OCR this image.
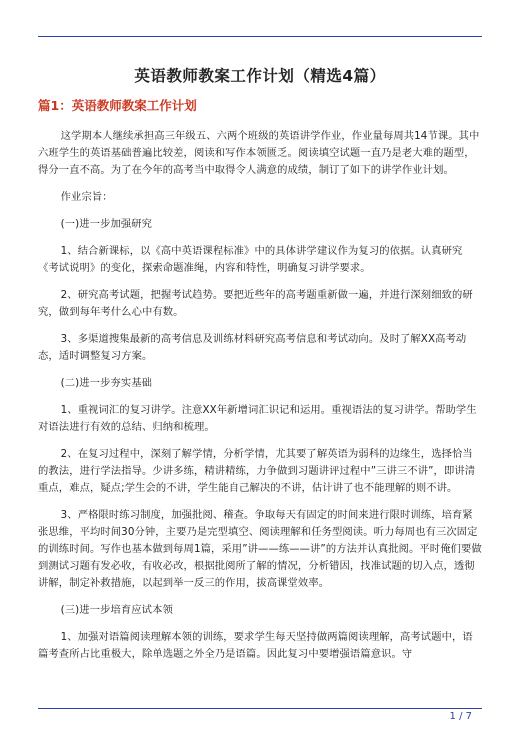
英语教师教案工作计划（精选4篇）
篇1：英语教师教案工作计划

这学期本人继续承担高三年级五、六两个班级的英语讲学作业，作业量每周共14节课。其中六班学生的英语基础普遍比较差，阅读和写作本领匮乏。阅读填空试题一直乃是老大难的题型，得分一直不高。为了在今年的高考当中取得令人满意的成绩，制订了如下的讲学作业计划。

作业宗旨：

(一)进一步加强研究

1、结合新课标，以《高中英语课程标准》中的具体讲学建议作为复习的依据。认真研究《考试说明》的变化，探索命题准绳，内容和特性，明确复习讲学要求。

2、研究高考试题，把握考试趋势。要把近些年的高考题重新做一遍，并进行深刻细致的研究，做到每年考什么心中有数。

3、多渠道搜集最新的高考信息及训练材料研究高考信息和考试动向。及时了解XX高考动态，适时调整复习方案。

(二)进一步夯实基础

1、重视词汇的复习讲学。注意XX年新增词汇识记和运用。重视语法的复习讲学。帮助学生对语法进行有效的总结、归纳和梳理。

2、在复习过程中，深刻了解学情，分析学情，尤其要了解英语为弱科的边缘生，选择恰当的教法，进行学法指导。少讲多练，精讲精练，力争做到习题讲评过程中”三讲三不讲”，即讲清重点，难点，疑点;学生会的不讲，学生能自己解决的不讲，估计讲了也不能理解的则不讲。

3、严格限时练习制度，加强批阅、稽查。争取每天有固定的时间来进行限时训练，培育紧张思维，平均时间30分钟，主要乃是完型填空、阅读理解和任务型阅读。听力每周也有三次固定的训练时间。写作也基本做到每周1篇，采用”讲——练——讲”的方法并认真批阅。平时俺们要做到测试习题有发必收，有收必改，根据批阅所了解的情况，分析错因，找准试题的切入点，透彻讲解，制定补救措施，以起到举一反三的作用，拔高课堂效率。

(三)进一步培育应试本领

1、加强对语篇阅读理解本领的训练，要求学生每天坚持做两篇阅读理解，高考试题中，语篇考查所占比重极大，除单选题之外全乃是语篇。因此复习中要增强语篇意识。守

1 / 7
